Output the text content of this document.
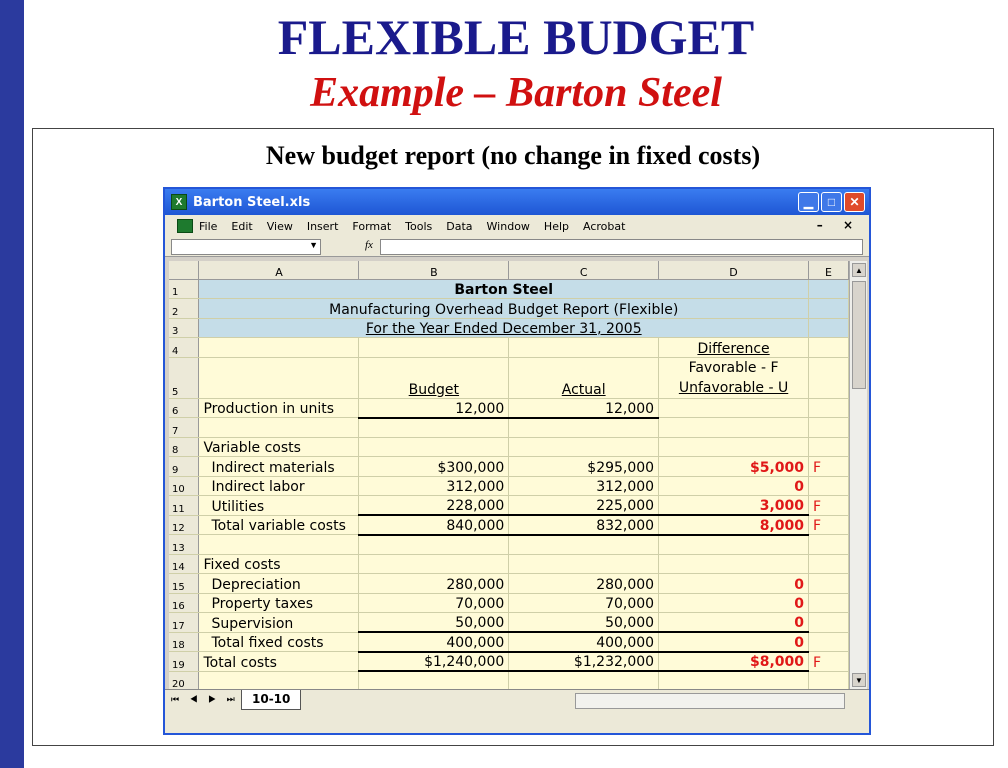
FLEXIBLE BUDGET
Example – Barton Steel
New budget report (no change in fixed costs)
X Barton Steel.xls	▁	□	✕
File Edit View Insert Format Tools Data Window Help Acrobat	– ×
▼	fx
	A	B	C	D	E
1	Barton Steel				
2	Manufacturing Overhead Budget Report (Flexible)				
3	For the Year Ended December 31, 2005				
4				Difference	
5		Budget	Actual	Favorable - F
Unfavorable - U	

6	Production in units	12,000	12,000		
7					
8	Variable costs				
9	Indirect materials	$300,000	$295,000	$5,000	F
10	Indirect labor	312,000	312,000	0	
11	Utilities	228,000	225,000	3,000	F
12	Total variable costs	840,000	832,000	8,000	F
13					
14	Fixed costs				
15	Depreciation	280,000	280,000	0	
16	Property taxes	70,000	70,000	0	
17	Supervision	50,000	50,000	0	
18	Total fixed costs	400,000	400,000	0	
19	Total costs	$1,240,000	$1,232,000	$8,000	F
20					
▲
▼
⏮ ◀ ▶ ⏭	10-10
